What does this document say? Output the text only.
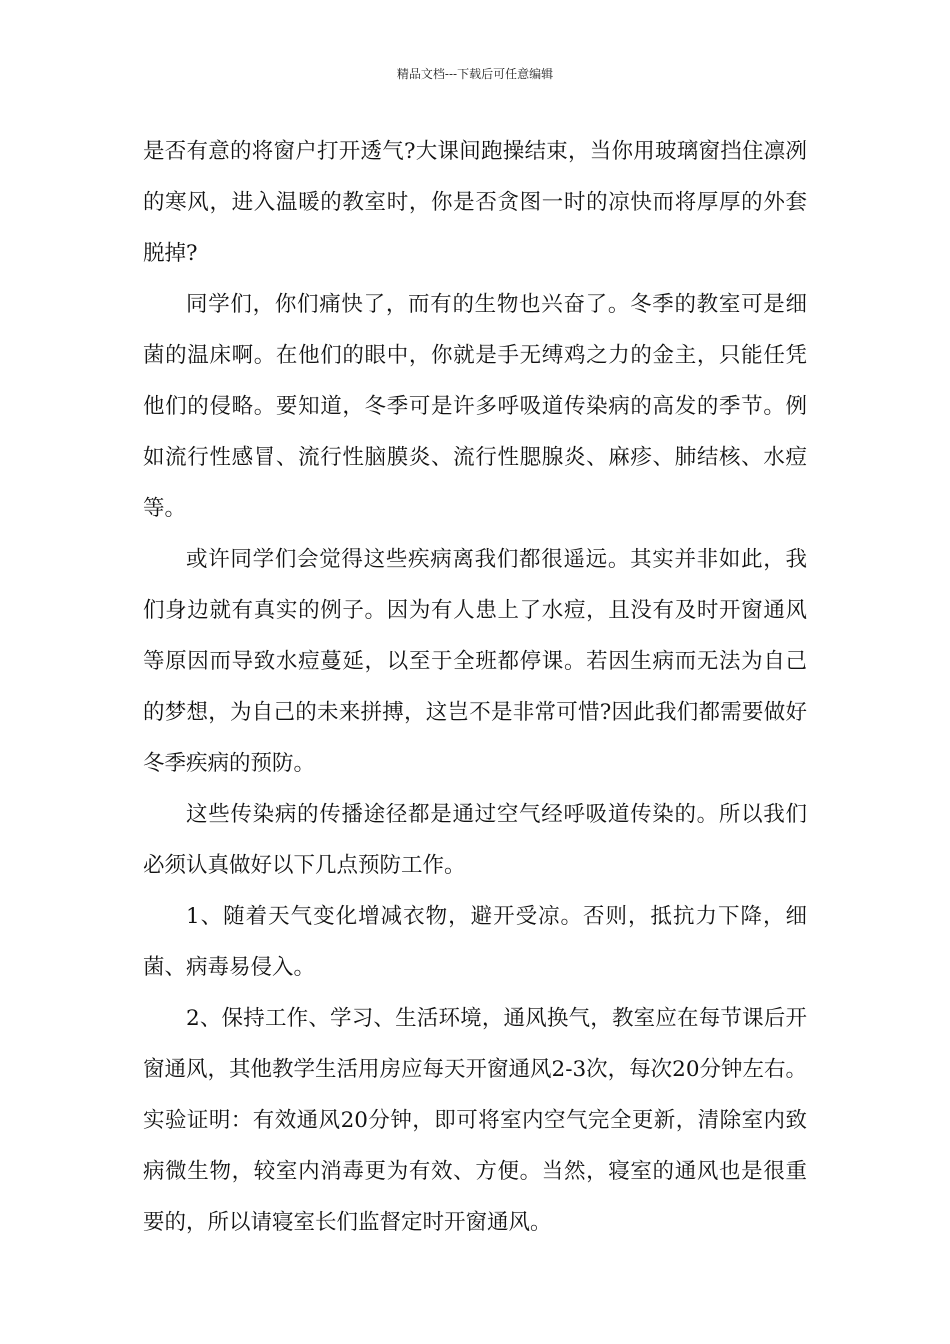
精品文档---下载后可任意编辑

是否有意的将窗户打开透气?大课间跑操结束，当你用玻璃窗挡住凛冽的寒风，进入温暖的教室时，你是否贪图一时的凉快而将厚厚的外套脱掉?

同学们，你们痛快了，而有的生物也兴奋了。冬季的教室可是细菌的温床啊。在他们的眼中，你就是手无缚鸡之力的金主，只能任凭他们的侵略。要知道，冬季可是许多呼吸道传染病的高发的季节。例如流行性感冒、流行性脑膜炎、流行性腮腺炎、麻疹、肺结核、水痘等。

或许同学们会觉得这些疾病离我们都很遥远。其实并非如此，我们身边就有真实的例子。因为有人患上了水痘，且没有及时开窗通风等原因而导致水痘蔓延，以至于全班都停课。若因生病而无法为自己的梦想，为自己的未来拼搏，这岂不是非常可惜?因此我们都需要做好冬季疾病的预防。

这些传染病的传播途径都是通过空气经呼吸道传染的。所以我们必须认真做好以下几点预防工作。

1、随着天气变化增减衣物，避开受凉。否则，抵抗力下降，细菌、病毒易侵入。

2、保持工作、学习、生活环境，通风换气，教室应在每节课后开窗通风，其他教学生活用房应每天开窗通风2-3次，每次20分钟左右。实验证明：有效通风20分钟，即可将室内空气完全更新，清除室内致病微生物，较室内消毒更为有效、方便。当然，寝室的通风也是很重要的，所以请寝室长们监督定时开窗通风。
